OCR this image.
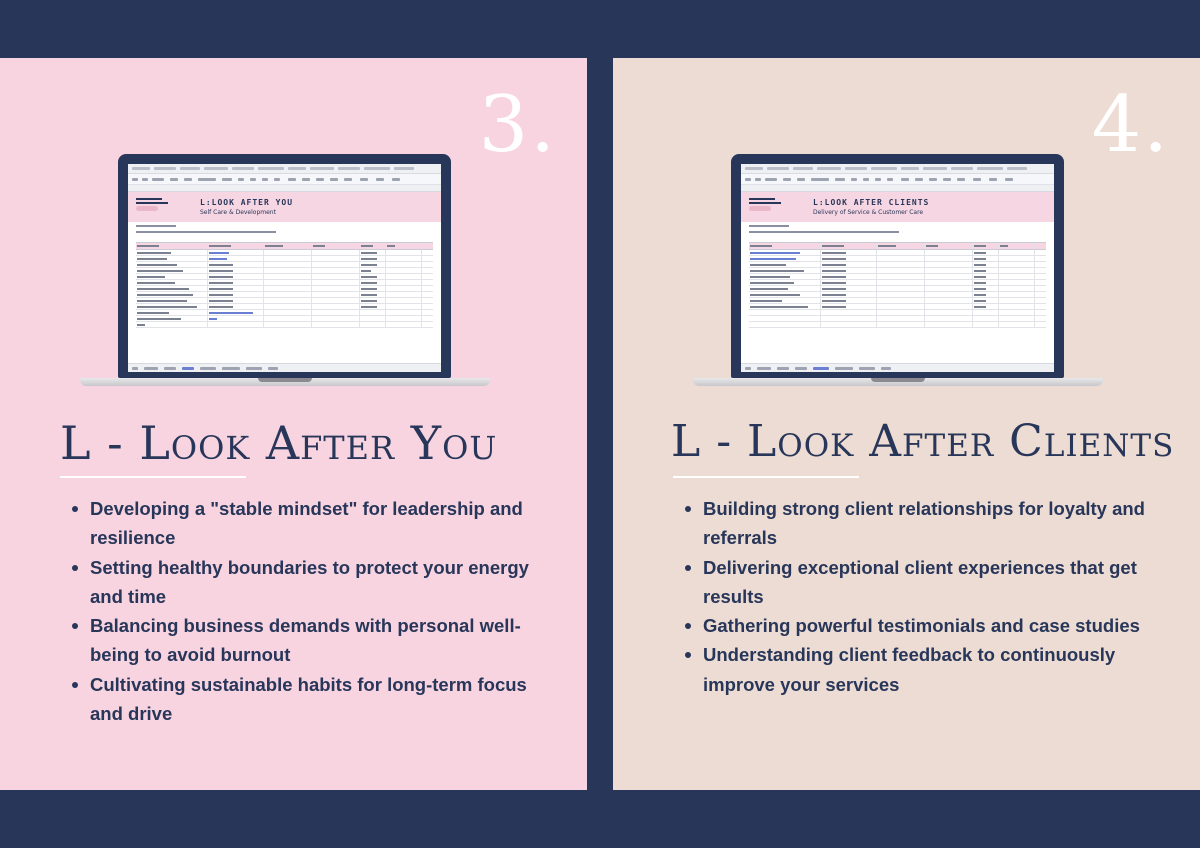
3.
L:LOOK AFTER YOU
Self Care & Development
L - Look After You
Developing a "stable mindset" for leadership and resilience
Setting healthy boundaries to protect your energy and time
Balancing business demands with personal well-being to avoid burnout
Cultivating sustainable habits for long-term focus and drive
4.
L:LOOK AFTER CLIENTS
Delivery of Service & Customer Care
L - Look After Clients
Building strong client relationships for loyalty and referrals
Delivering exceptional client experiences that get results
Gathering powerful testimonials and case studies
Understanding client feedback to continuously improve your services
